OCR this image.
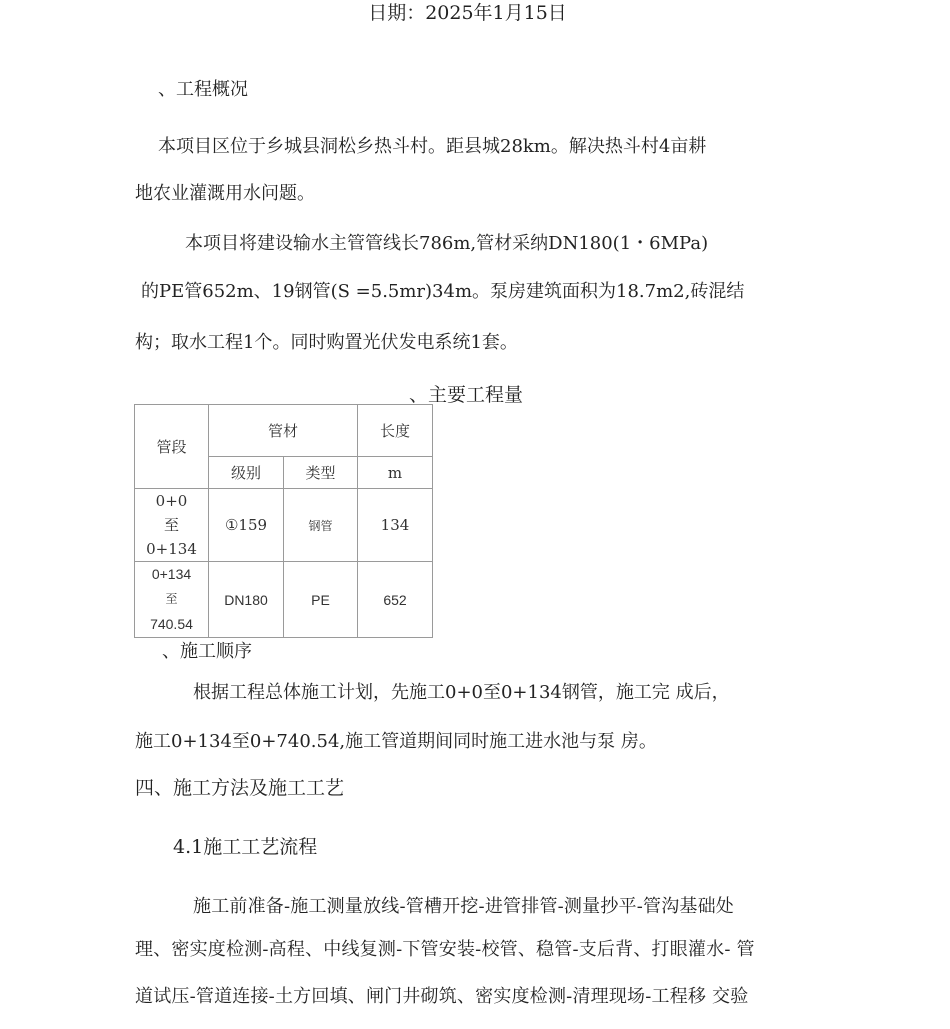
日期：2025年1月15日
、工程概况
本项目区位于乡城县洞松乡热斗村。距县城28km。解决热斗村4亩耕
地农业灌溉用水问题。
本项目将建设输水主管管线长786m,管材采纳DN180(1・6MPa)
的PE管652m、19钢管(S =5.5mr)34m。泵房建筑面积为18.7m2,砖混结
构；取水工程1个。同时购置光伏发电系统1套。
、主要工程量
管段	管材		长度
	级别	类型	m

0+0
至
0+134	①159	钢管	134

0+134
至
740.54	DN180	PE	652
、施工顺序
根据工程总体施工计划，先施工0+0至0+134钢管，施工完 成后，
施工0+134至0+740.54,施工管道期间同时施工进水池与泵 房。
四、施工方法及施工工艺
4.1施工工艺流程
施工前准备-施工测量放线-管槽开挖-进管排管-测量抄平-管沟基础处
理、密实度检测-高程、中线复测-下管安装-校管、稳管-支后背、打眼灌水- 管
道试压-管道连接-土方回填、闸门井砌筑、密实度检测-清理现场-工程移 交验
